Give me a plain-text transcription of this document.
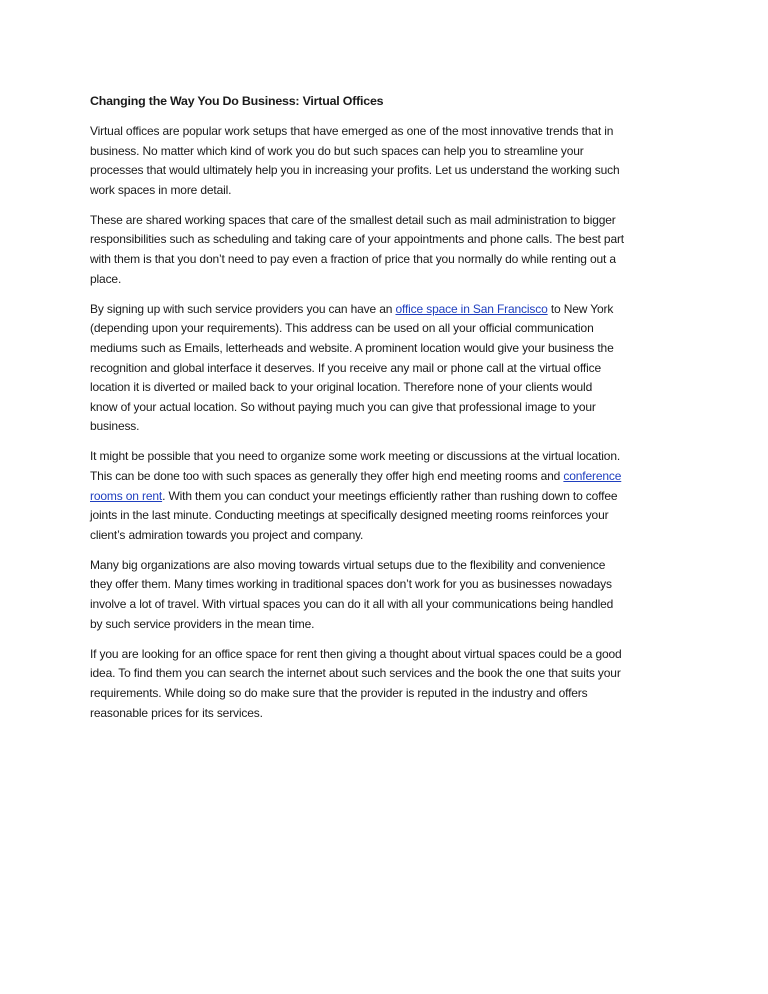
Changing the Way You Do Business: Virtual Offices
Virtual offices are popular work setups that have emerged as one of the most innovative trends that in
business. No matter which kind of work you do but such spaces can help you to streamline your
processes that would ultimately help you in increasing your profits. Let us understand the working such
work spaces in more detail.
These are shared working spaces that care of the smallest detail such as mail administration to bigger
responsibilities such as scheduling and taking care of your appointments and phone calls. The best part
with them is that you don’t need to pay even a fraction of price that you normally do while renting out a
place.
By signing up with such service providers you can have an office space in San Francisco to New York
(depending upon your requirements). This address can be used on all your official communication
mediums such as Emails, letterheads and website. A prominent location would give your business the
recognition and global interface it deserves. If you receive any mail or phone call at the virtual office
location it is diverted or mailed back to your original location. Therefore none of your clients would
know of your actual location. So without paying much you can give that professional image to your
business.
It might be possible that you need to organize some work meeting or discussions at the virtual location.
This can be done too with such spaces as generally they offer high end meeting rooms and conference
rooms on rent. With them you can conduct your meetings efficiently rather than rushing down to coffee
joints in the last minute. Conducting meetings at specifically designed meeting rooms reinforces your
client’s admiration towards you project and company.
Many big organizations are also moving towards virtual setups due to the flexibility and convenience
they offer them. Many times working in traditional spaces don’t work for you as businesses nowadays
involve a lot of travel. With virtual spaces you can do it all with all your communications being handled
by such service providers in the mean time.
If you are looking for an office space for rent then giving a thought about virtual spaces could be a good
idea. To find them you can search the internet about such services and the book the one that suits your
requirements. While doing so do make sure that the provider is reputed in the industry and offers
reasonable prices for its services.
